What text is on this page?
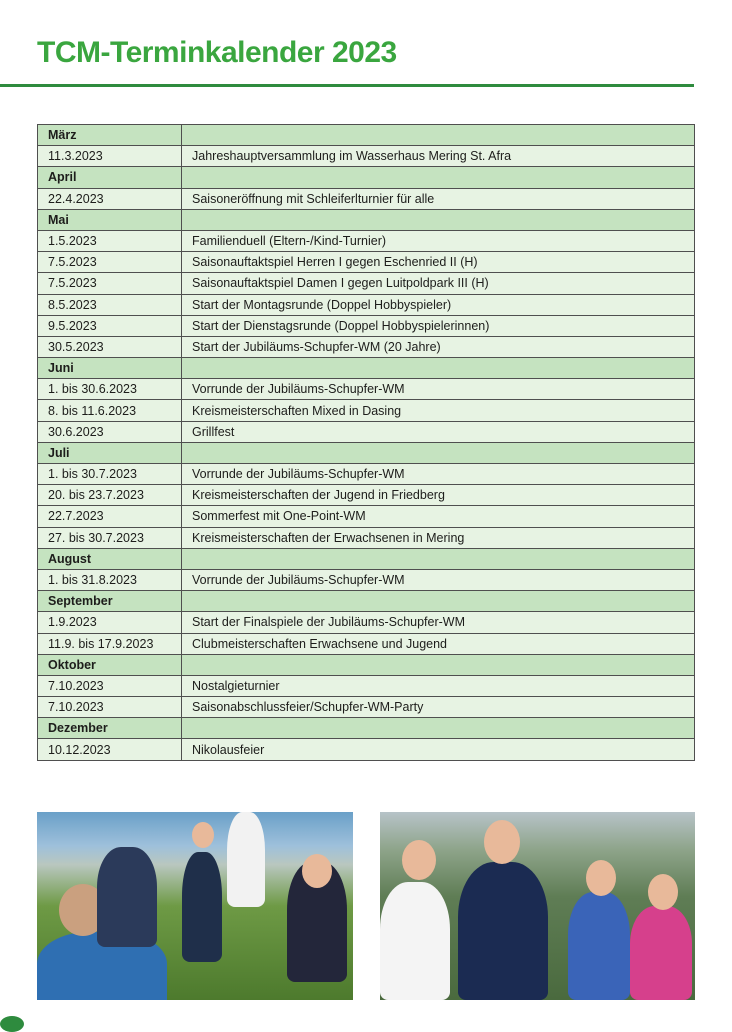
TCM-Terminkalender 2023
März	
11.3.2023	Jahreshauptversammlung im Wasserhaus Mering St. Afra
April	
22.4.2023	Saisoneröffnung mit Schleiferlturnier für alle
Mai	
1.5.2023	Familienduell (Eltern-/Kind-Turnier)
7.5.2023	Saisonauftaktspiel Herren I gegen Eschenried II (H)
7.5.2023	Saisonauftaktspiel Damen I gegen Luitpoldpark III (H)
8.5.2023	Start der Montagsrunde (Doppel Hobbyspieler)
9.5.2023	Start der Dienstagsrunde (Doppel Hobbyspielerinnen)
30.5.2023	Start der Jubiläums-Schupfer-WM (20 Jahre)
Juni	
1. bis 30.6.2023	Vorrunde der Jubiläums-Schupfer-WM
8. bis 11.6.2023	Kreismeisterschaften Mixed in Dasing
30.6.2023	Grillfest
Juli	
1. bis 30.7.2023	Vorrunde der Jubiläums-Schupfer-WM
20. bis 23.7.2023	Kreismeisterschaften der Jugend in Friedberg
22.7.2023	Sommerfest mit One-Point-WM
27. bis 30.7.2023	Kreismeisterschaften der Erwachsenen in Mering
August	
1. bis 31.8.2023	Vorrunde der Jubiläums-Schupfer-WM
September	
1.9.2023	Start der Finalspiele der Jubiläums-Schupfer-WM
11.9. bis 17.9.2023	Clubmeisterschaften Erwachsene und Jugend
Oktober	
7.10.2023	Nostalgieturnier
7.10.2023	Saisonabschlussfeier/Schupfer-WM-Party
Dezember	
10.12.2023	Nikolausfeier
